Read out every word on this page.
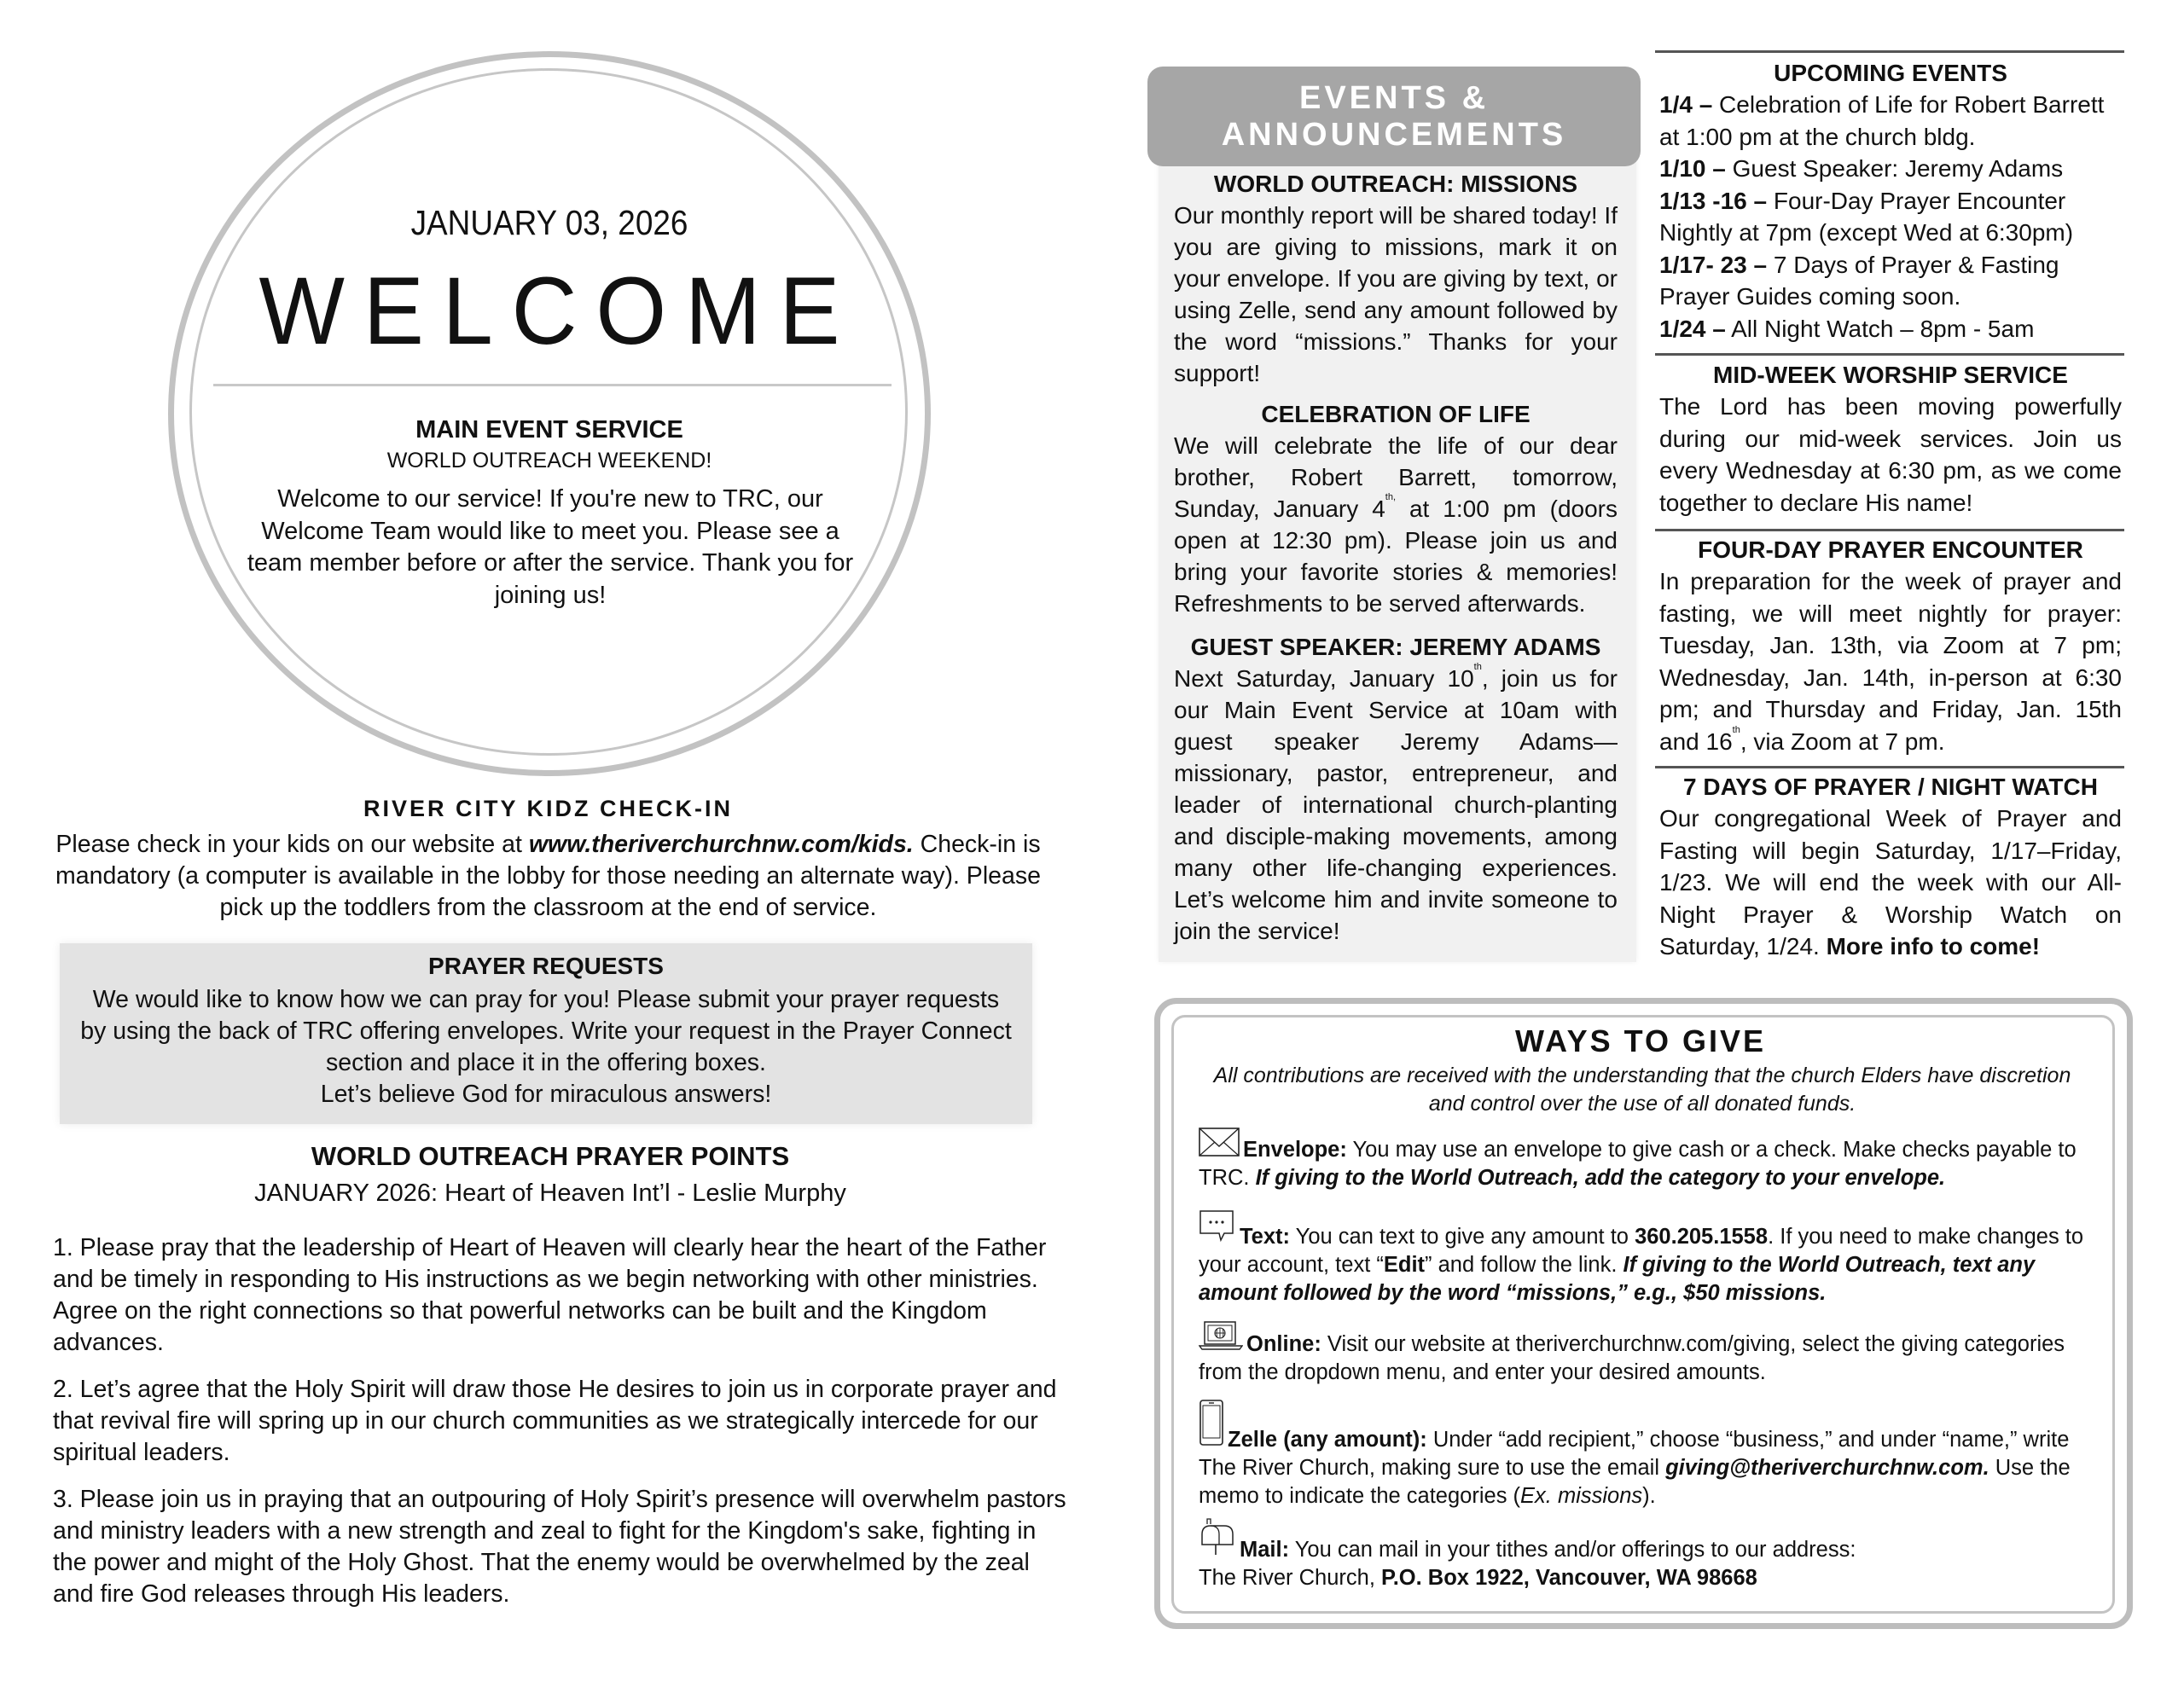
JANUARY 03, 2026
WELCOME
MAIN EVENT SERVICE
WORLD OUTREACH WEEKEND!
Welcome to our service! If you're new to TRC, our Welcome Team would like to meet you. Please see a team member before or after the service. Thank you for joining us!
RIVER CITY KIDZ CHECK-IN
Please check in your kids on our website at www.theriverchurchnw.com/kids. Check-in is mandatory (a computer is available in the lobby for those needing an alternate way). Please pick up the toddlers from the classroom at the end of service.
PRAYER REQUESTS
We would like to know how we can pray for you! Please submit your prayer requests by using the back of TRC offering envelopes. Write your request in the Prayer Connect section and place it in the offering boxes.
Let’s believe God for miraculous answers!
WORLD OUTREACH PRAYER POINTS
JANUARY 2026: Heart of Heaven Int’l - Leslie Murphy

1. Please pray that the leadership of Heart of Heaven will clearly hear the heart of the Father and be timely in responding to His instructions as we begin networking with other ministries. Agree on the right connections so that powerful networks can be built and the Kingdom advances.

2. Let’s agree that the Holy Spirit will draw those He desires to join us in corporate prayer and that revival fire will spring up in our church communities as we strategically intercede for our spiritual leaders.

3. Please join us in praying that an outpouring of Holy Spirit’s presence will overwhelm pastors and ministry leaders with a new strength and zeal to fight for the Kingdom's sake, fighting in the power and might of the Holy Ghost. That the enemy would be overwhelmed by the zeal and fire God releases through His leaders.

EVENTS &
ANNOUNCEMENTS
WORLD OUTREACH: MISSIONS

Our monthly report will be shared today! If you are giving to missions, mark it on your envelope. If you are giving by text, or using Zelle, send any amount followed by the word “missions.” Thanks for your support!

CELEBRATION OF LIFE

We will celebrate the life of our dear brother, Robert Barrett, tomorrow, Sunday, January $4^{th,}$ at 1:00 pm (doors open at 12:30 pm). Please join us and bring your favorite stories & memories! Refreshments to be served afterwards.

GUEST SPEAKER: JEREMY ADAMS

Next Saturday, January 10th, join us for our Main Event Service at 10am with guest speaker Jeremy Adams—missionary, pastor, entrepreneur, and leader of international church-planting and disciple-making movements, among many other life-changing experiences. Let’s welcome him and invite someone to join the service!

UPCOMING EVENTS
1/4 – Celebration of Life for Robert Barrett at 1:00 pm at the church bldg.
1/10 – Guest Speaker: Jeremy Adams
1/13 -16 – Four-Day Prayer Encounter Nightly at 7pm (except Wed at 6:30pm)
1/17- 23 – 7 Days of Prayer & Fasting Prayer Guides coming soon.
1/24 – All Night Watch – 8pm - 5am
MID-WEEK WORSHIP SERVICE

The Lord has been moving powerfully during our mid-week services. Join us every Wednesday at 6:30 pm, as we come together to declare His name!

FOUR-DAY PRAYER ENCOUNTER

In preparation for the week of prayer and fasting, we will meet nightly for prayer: Tuesday, Jan. 13th, via Zoom at 7 pm; Wednesday, Jan. 14th, in-person at 6:30 pm; and Thursday and Friday, Jan. 15th and 16th, via Zoom at 7 pm.

7 DAYS OF PRAYER / NIGHT WATCH

Our congregational Week of Prayer and Fasting will begin Saturday, 1/17–Friday, 1/23. We will end the week with our All-Night Prayer & Worship Watch on Saturday, 1/24. More info to come!

WAYS TO GIVE
All contributions are received with the understanding that the church Elders have discretion and control over the use of all donated funds.

Envelope: You may use an envelope to give cash or a check. Make checks payable to TRC. If giving to the World Outreach, add the category to your envelope.

Text: You can text to give any amount to 360.205.1558. If you need to make changes to your account, text “Edit” and follow the link. If giving to the World Outreach, text any amount followed by the word “missions,” e.g., $50 missions.

Online: Visit our website at theriverchurchnw.com/giving, select the giving categories from the dropdown menu, and enter your desired amounts.

Zelle (any amount): Under “add recipient,” choose “business,” and under “name,” write The River Church, making sure to use the email giving@theriverchurchnw.com. Use the memo to indicate the categories (Ex. missions).

Mail: You can mail in your tithes and/or offerings to our address:

The River Church, P.O. Box 1922, Vancouver, WA 98668
